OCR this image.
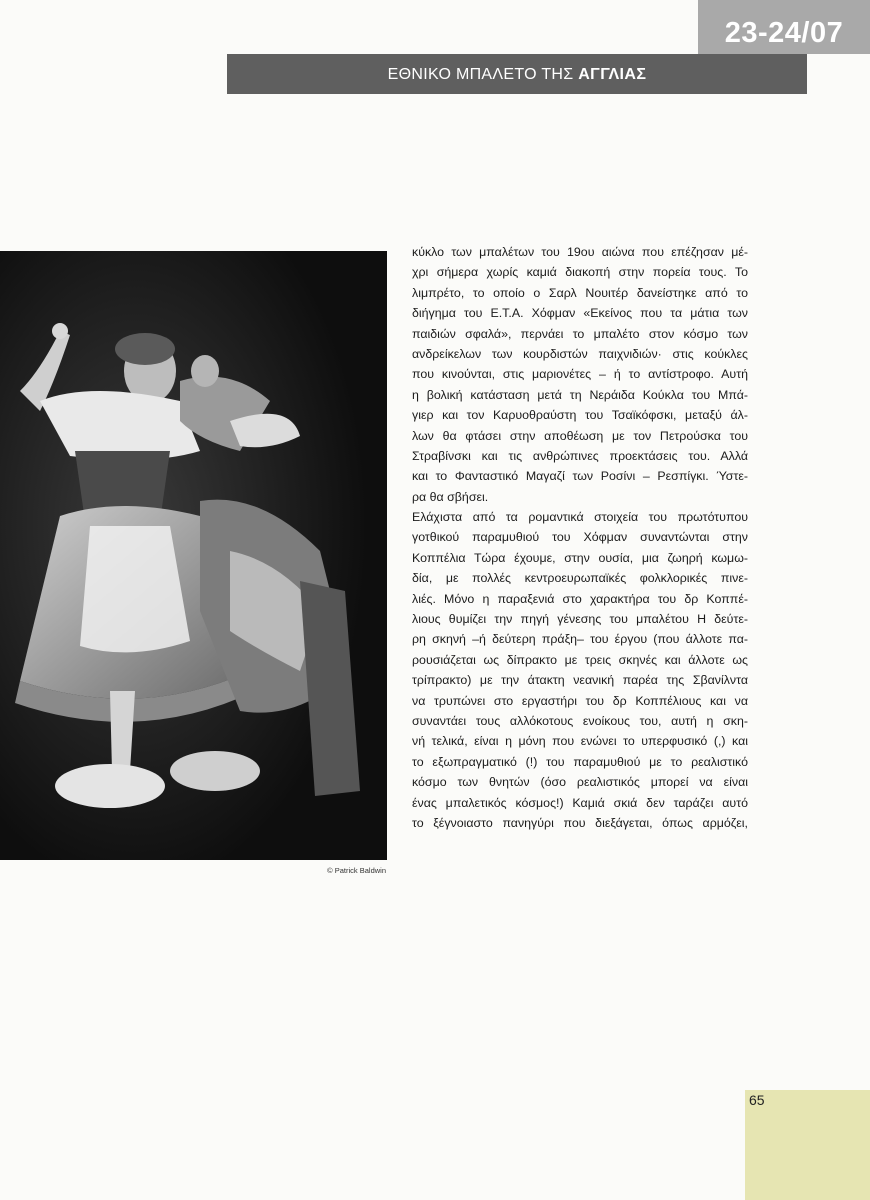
23-24/07
ΕΘΝΙΚΟ ΜΠΑΛΕΤΟ ΤΗΣ ΑΓΓΛΙΑΣ
© Patrick Baldwin
κύκλο των μπαλέτων του 19ου αιώνα που επέζησαν μέ-
χρι σήμερα χωρίς καμιά διακοπή στην πορεία τους. Το
λιμπρέτο, το οποίο ο Σαρλ Νουιτέρ δανείστηκε από το
διήγημα του Ε.Τ.Α. Χόφμαν «Εκείνος που τα μάτια των
παιδιών σφαλά», περνάει το μπαλέτο στον κόσμο των
ανδρείκελων των κουρδιστών παιχνιδιών· στις κούκλες
που κινούνται, στις μαριονέτες – ή το αντίστροφο. Αυτή
η βολική κατάσταση μετά τη Νεράιδα Κούκλα του Μπά-
γιερ και τον Καρυοθραύστη του Τσαϊκόφσκι, μεταξύ άλ-
λων θα φτάσει στην αποθέωση με τον Πετρούσκα του
Στραβίνσκι και τις ανθρώπινες προεκτάσεις του. Αλλά
και το Φανταστικό Μαγαζί των Ροσίνι – Ρεσπίγκι. Ύστε-
ρα θα σβήσει.
Ελάχιστα από τα ρομαντικά στοιχεία του πρωτότυπου
γοτθικού παραμυθιού του Χόφμαν συναντώνται στην
Κοππέλια Τώρα έχουμε, στην ουσία, μια ζωηρή κωμω-
δία, με πολλές κεντροευρωπαϊκές φολκλορικές πινε-
λιές. Μόνο η παραξενιά στο χαρακτήρα του δρ Κοππέ-
λιους θυμίζει την πηγή γένεσης του μπαλέτου Η δεύτε-
ρη σκηνή –ή δεύτερη πράξη– του έργου (που άλλοτε πα-
ρουσιάζεται ως δίπρακτο με τρεις σκηνές και άλλοτε ως
τρίπρακτο) με την άτακτη νεανική παρέα της Σβανίλντα
να τρυπώνει στο εργαστήρι του δρ Κοππέλιους και να
συναντάει τους αλλόκοτους ενοίκους του, αυτή η σκη-
νή τελικά, είναι η μόνη που ενώνει το υπερφυσικό (,) και
το εξωπραγματικό (!) του παραμυθιού με το ρεαλιστικό
κόσμο των θνητών (όσο ρεαλιστικός μπορεί να είναι
ένας μπαλετικός κόσμος!) Καμιά σκιά δεν ταράζει αυτό
το ξέγνοιαστο πανηγύρι που διεξάγεται, όπως αρμόζει,
65
